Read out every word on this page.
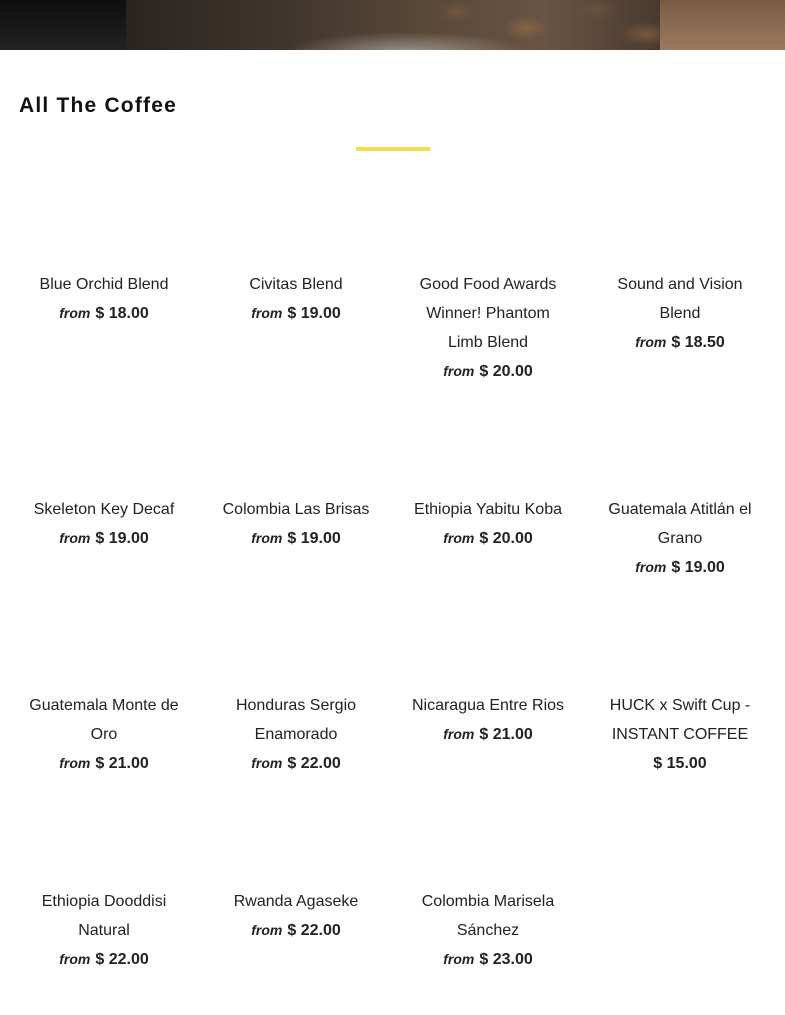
All The Coffee
Blue Orchid Blend
from $ 18.00
Civitas Blend
from $ 19.00
Good Food Awards Winner! Phantom Limb Blend
from $ 20.00
Sound and Vision Blend
from $ 18.50
Skeleton Key Decaf
from $ 19.00
Colombia Las Brisas
from $ 19.00
Ethiopia Yabitu Koba
from $ 20.00
Guatemala Atitlán el Grano
from $ 19.00
Guatemala Monte de Oro
from $ 21.00
Honduras Sergio Enamorado
from $ 22.00
Nicaragua Entre Rios
from $ 21.00
HUCK x Swift Cup - INSTANT COFFEE
$ 15.00
Ethiopia Dooddisi Natural
from $ 22.00
Rwanda Agaseke
from $ 22.00
Colombia Marisela Sánchez
from $ 23.00
